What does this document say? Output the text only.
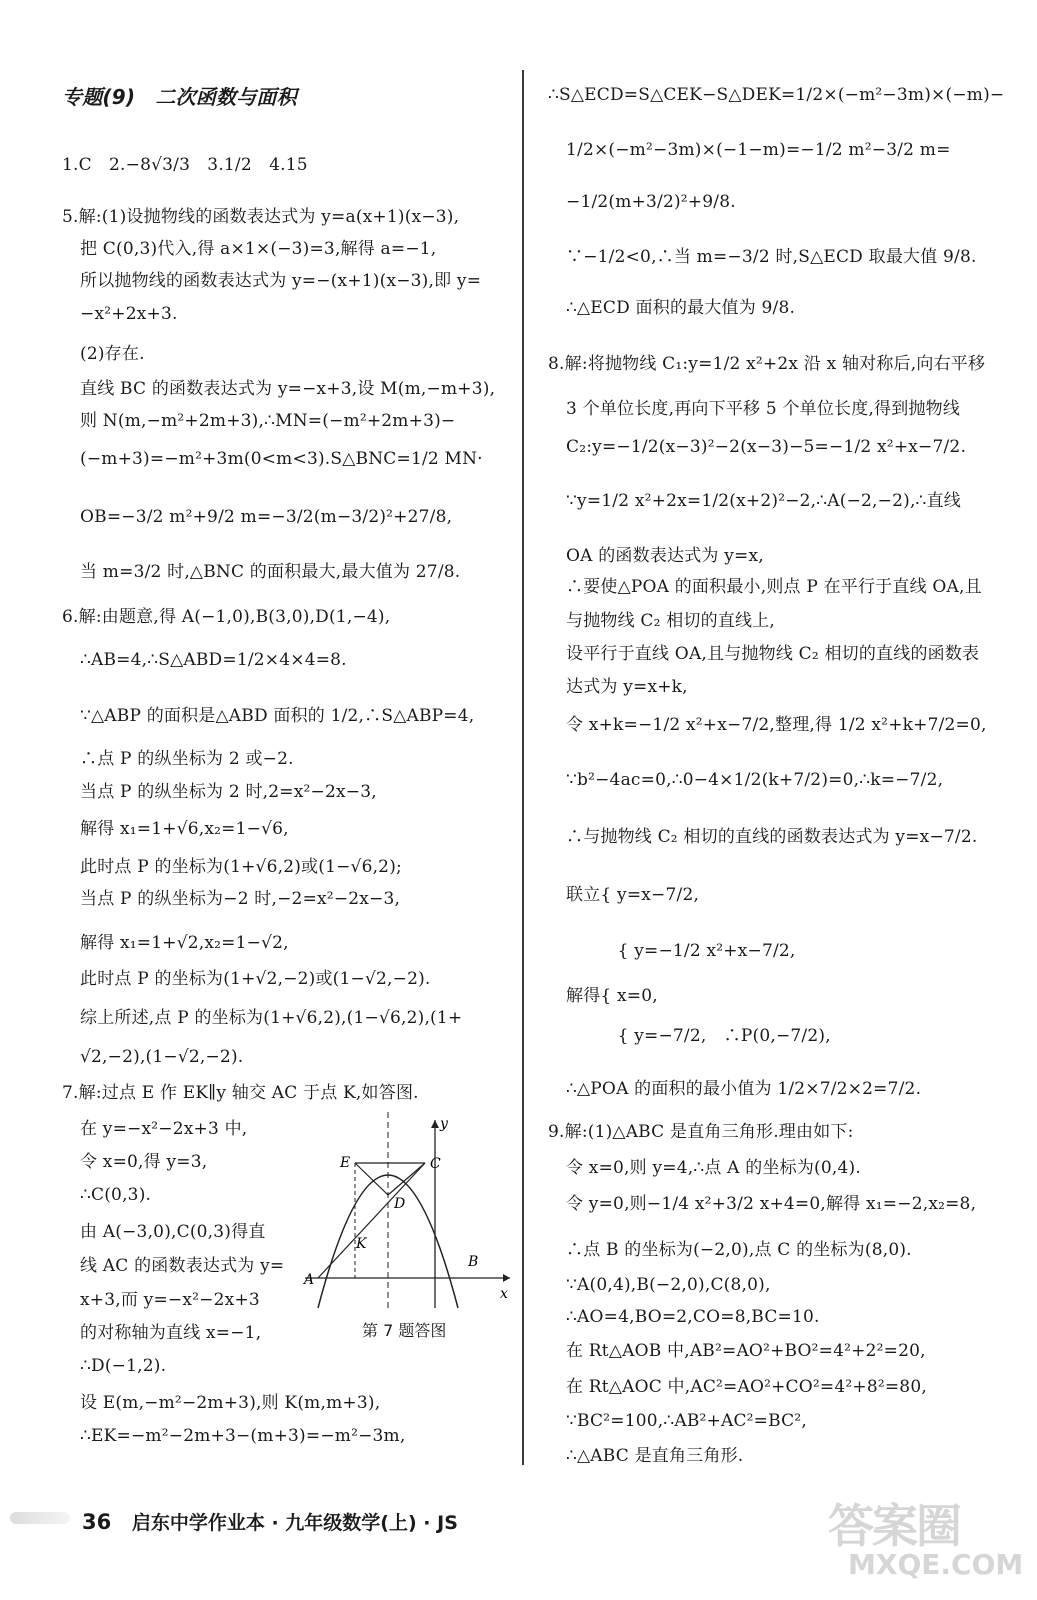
专题(9)　二次函数与面积
1.C　2.−8√3/3　3.1/2　4.15
5.解:(1)设抛物线的函数表达式为 y=a(x+1)(x−3),
把 C(0,3)代入,得 a×1×(−3)=3,解得 a=−1,
所以抛物线的函数表达式为 y=−(x+1)(x−3),即 y=
−x²+2x+3.
(2)存在.
直线 BC 的函数表达式为 y=−x+3,设 M(m,−m+3),
则 N(m,−m²+2m+3),∴MN=(−m²+2m+3)−
(−m+3)=−m²+3m(0<m<3).S△BNC=1/2 MN·
OB=−3/2 m²+9/2 m=−3/2(m−3/2)²+27/8,
当 m=3/2 时,△BNC 的面积最大,最大值为 27/8.
6.解:由题意,得 A(−1,0),B(3,0),D(1,−4),
∴AB=4,∴S△ABD=1/2×4×4=8.
∵△ABP 的面积是△ABD 面积的 1/2,∴S△ABP=4,
∴点 P 的纵坐标为 2 或−2.
当点 P 的纵坐标为 2 时,2=x²−2x−3,
解得 x₁=1+√6,x₂=1−√6,
此时点 P 的坐标为(1+√6,2)或(1−√6,2);
当点 P 的纵坐标为−2 时,−2=x²−2x−3,
解得 x₁=1+√2,x₂=1−√2,
此时点 P 的坐标为(1+√2,−2)或(1−√2,−2).
综上所述,点 P 的坐标为(1+√6,2),(1−√6,2),(1+
√2,−2),(1−√2,−2).
7.解:过点 E 作 EK∥y 轴交 AC 于点 K,如答图.
在 y=−x²−2x+3 中,
令 x=0,得 y=3,
∴C(0,3).
由 A(−3,0),C(0,3)得直
线 AC 的函数表达式为 y=
x+3,而 y=−x²−2x+3
的对称轴为直线 x=−1,
∴D(−1,2).
设 E(m,−m²−2m+3),则 K(m,m+3),
∴EK=−m²−2m+3−(m+3)=−m²−3m,
∴S△ECD=S△CEK−S△DEK=1/2×(−m²−3m)×(−m)−
1/2×(−m²−3m)×(−1−m)=−1/2 m²−3/2 m=
−1/2(m+3/2)²+9/8.
∵−1/2<0,∴当 m=−3/2 时,S△ECD 取最大值 9/8.
∴△ECD 面积的最大值为 9/8.
8.解:将抛物线 C₁:y=1/2 x²+2x 沿 x 轴对称后,向右平移
3 个单位长度,再向下平移 5 个单位长度,得到抛物线
C₂:y=−1/2(x−3)²−2(x−3)−5=−1/2 x²+x−7/2.
∵y=1/2 x²+2x=1/2(x+2)²−2,∴A(−2,−2),∴直线
OA 的函数表达式为 y=x,
∴要使△POA 的面积最小,则点 P 在平行于直线 OA,且
与抛物线 C₂ 相切的直线上,
设平行于直线 OA,且与抛物线 C₂ 相切的直线的函数表
达式为 y=x+k,
令 x+k=−1/2 x²+x−7/2,整理,得 1/2 x²+k+7/2=0,
∵b²−4ac=0,∴0−4×1/2(k+7/2)=0,∴k=−7/2,
∴与抛物线 C₂ 相切的直线的函数表达式为 y=x−7/2.
联立{ y=x−7/2,
　　　{ y=−1/2 x²+x−7/2,
解得{ x=0,
　　　{ y=−7/2,　∴P(0,−7/2),
∴△POA 的面积的最小值为 1/2×7/2×2=7/2.
9.解:(1)△ABC 是直角三角形.理由如下:
令 x=0,则 y=4,∴点 A 的坐标为(0,4).
令 y=0,则−1/4 x²+3/2 x+4=0,解得 x₁=−2,x₂=8,
∴点 B 的坐标为(−2,0),点 C 的坐标为(8,0).
∵A(0,4),B(−2,0),C(8,0),
∴AO=4,BO=2,CO=8,BC=10.
在 Rt△AOB 中,AB²=AO²+BO²=4²+2²=20,
在 Rt△AOC 中,AC²=AO²+CO²=4²+8²=80,
∵BC²=100,∴AB²+AC²=BC²,
∴△ABC 是直角三角形.
y
x
E	C
D
K
A
B
第 7 题答图
36 启东中学作业本 · 九年级数学(上) · JS	答案圈
MXQE.COM
